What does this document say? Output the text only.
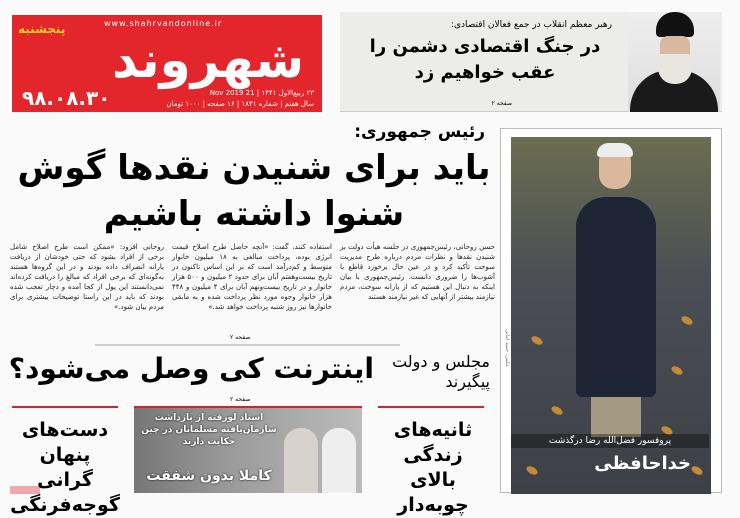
شهروند
پنجشنبه	www.shahrvandonline.ir
۹۸.۰۸.۳۰	۲۳ ربیع‌الاول ۱۴۴۱ | 21 Nov 2019
سال هفتم | شماره ۱۸۴۱ | ۱۶ صفحه | ۱۰۰۰ تومان
رهبر معظم انقلاب در جمع فعالان اقتصادی:
در جنگ اقتصادی دشمن را عقب خواهیم زد
صفحه ۲
رئیس جمهوری:
باید برای شنیدن نقدها گوش شنوا داشته باشیم
حسن روحانی، رئیس‌جمهوری در جلسه هیأت دولت بر شنیدن نقدها و نظرات مردم درباره طرح مدیریت سوخت تأکید کرد و در عین حال برخورد قاطع با آشوب‌ها را ضروری دانست. رئیس‌جمهوری با بیان اینکه به دنبال این هستیم که از یارانه سوخت، مردم نیازمند بیشتر از آنهایی که غیر نیازمند هستند
استفاده کنند، گفت: «آنچه حاصل طرح اصلاح قیمت انرژی بوده، پرداخت مبالغی به ۱۸ میلیون خانوار متوسط و کم‌درآمد است که بر این اساس تاکنون در تاریخ بیست‌وهفتم آبان برای حدود ۲ میلیون و ۵۰۰ هزار خانوار و در تاریخ بیست‌ونهم آبان برای ۴ میلیون و ۴۴۸ هزار خانوار وجوه مورد نظر پرداخت شده و به مابقی خانوارها نیز روز شنبه پرداخت خواهد شد.»
روحانی افزود: «ممکن است طرح اصلاح شامل برخی از افراد بشود که حتی خودشان از دریافت یارانه انصراف داده بودند و در این گروه‌ها هستند به‌گونه‌ای که برخی افراد که مبالغ را دریافت کرده‌اند نمی‌دانستند این پول از کجا آمده و دچار تعجب شده بودند که باید در این راستا توضیحات بیشتری برای مردم بیان شود.»
صفحه ۲	عکس: حمید امانی
پروفسور فضل‌الله رضا درگذشت
خداحافظی
اینترنت کی وصل می‌شود؟	مجلس و دولت پیگیرند
صفحه ۲
دست‌های پنهان گرانی گوجه‌فرنگی
اسناد لورفته از بازداشت سازمان‌یافته مسلمانان در چین حکایت دارند
کاملا بدون شفقت
ثانیه‌های زندگی بالای چوبه‌دار
